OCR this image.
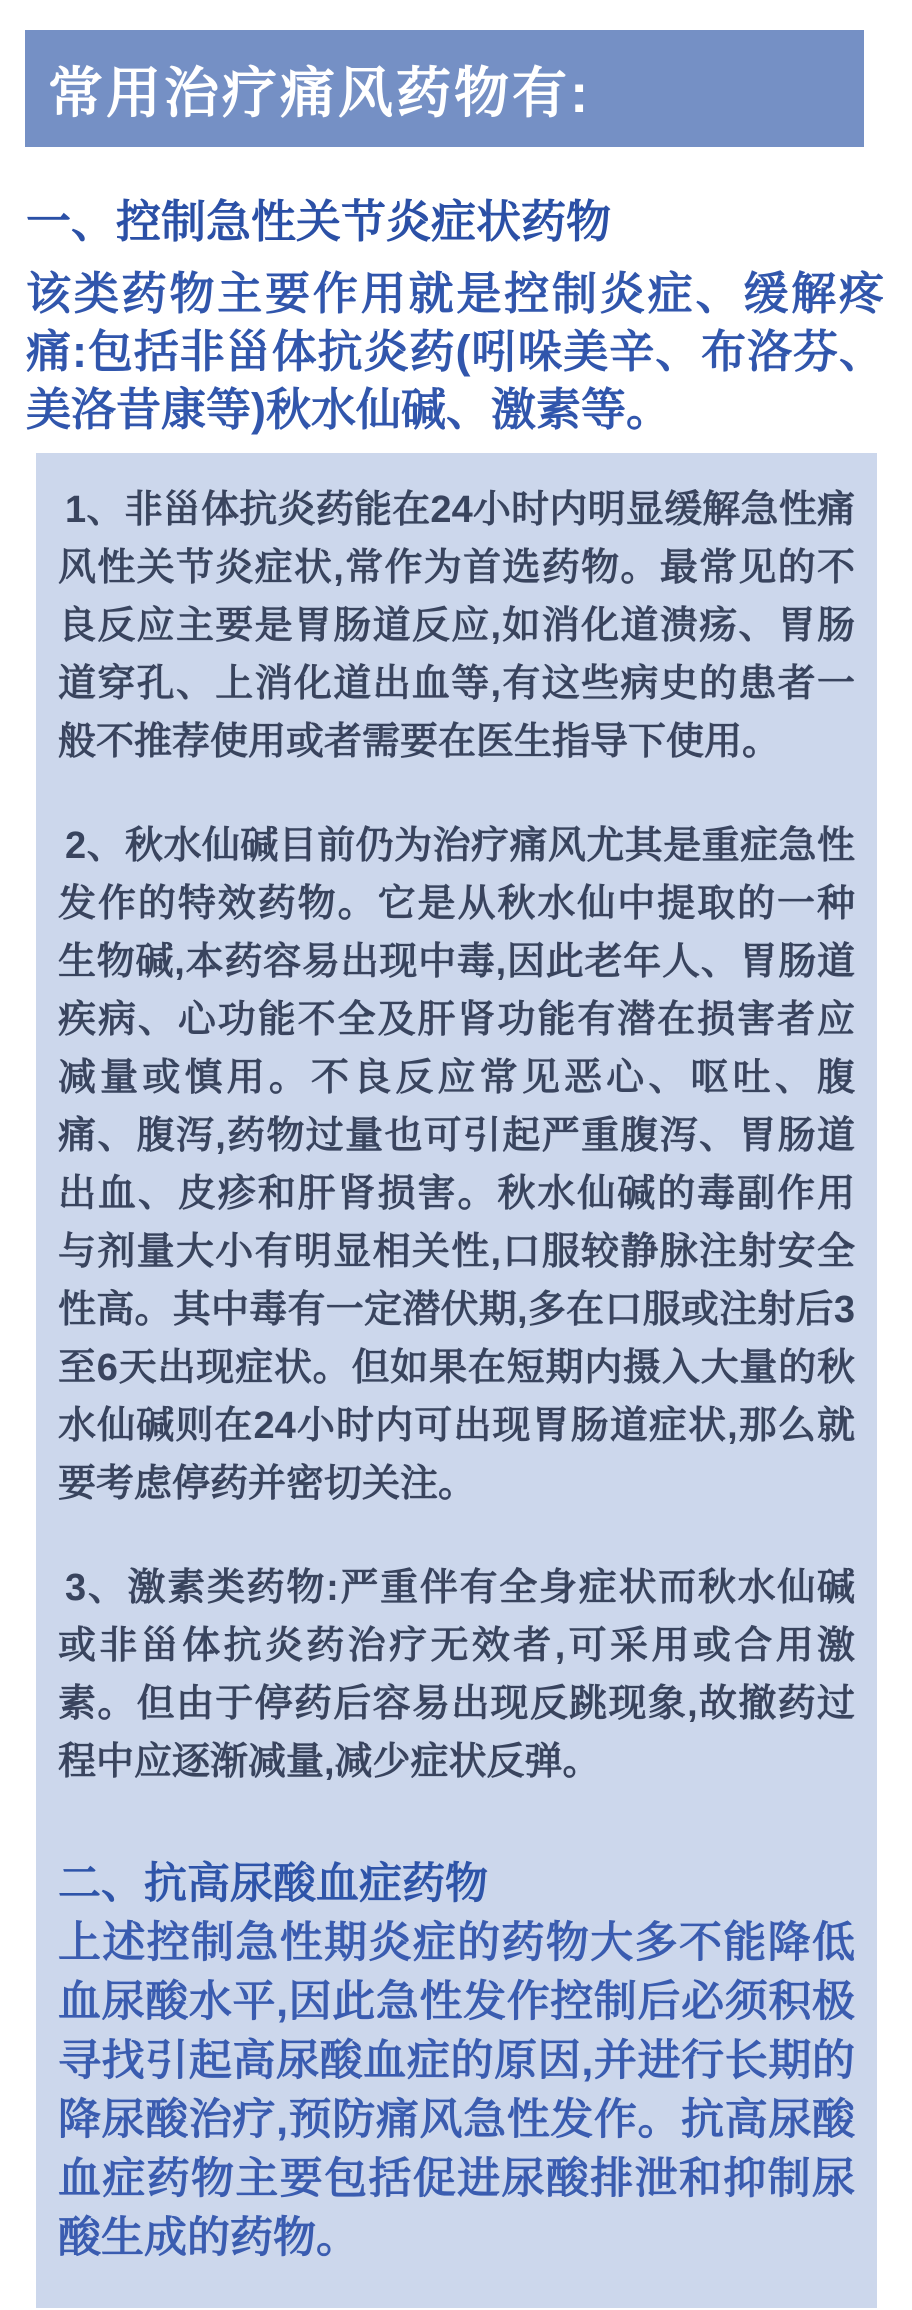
常用治疗痛风药物有:
一、控制急性关节炎症状药物

该类药物主要作用就是控制炎症、缓解疼痛:包括非甾体抗炎药(吲哚美辛、布洛芬、美洛昔康等)秋水仙碱、激素等。

1、非甾体抗炎药能在24小时内明显缓解急性痛风性关节炎症状,常作为首选药物。最常见的不良反应主要是胃肠道反应,如消化道溃疡、胃肠道穿孔、上消化道出血等,有这些病史的患者一般不推荐使用或者需要在医生指导下使用。

2、秋水仙碱目前仍为治疗痛风尤其是重症急性发作的特效药物。它是从秋水仙中提取的一种生物碱,本药容易出现中毒,因此老年人、胃肠道疾病、心功能不全及肝肾功能有潜在损害者应减量或慎用。不良反应常见恶心、呕吐、腹痛、腹泻,药物过量也可引起严重腹泻、胃肠道出血、皮疹和肝肾损害。秋水仙碱的毒副作用与剂量大小有明显相关性,口服较静脉注射安全性高。其中毒有一定潜伏期,多在口服或注射后3至6天出现症状。但如果在短期内摄入大量的秋水仙碱则在24小时内可出现胃肠道症状,那么就要考虑停药并密切关注。

3、激素类药物:严重伴有全身症状而秋水仙碱或非甾体抗炎药治疗无效者,可采用或合用激素。但由于停药后容易出现反跳现象,故撤药过程中应逐渐减量,减少症状反弹。

二、抗高尿酸血症药物

上述控制急性期炎症的药物大多不能降低血尿酸水平,因此急性发作控制后必须积极寻找引起高尿酸血症的原因,并进行长期的降尿酸治疗,预防痛风急性发作。抗高尿酸血症药物主要包括促进尿酸排泄和抑制尿酸生成的药物。
